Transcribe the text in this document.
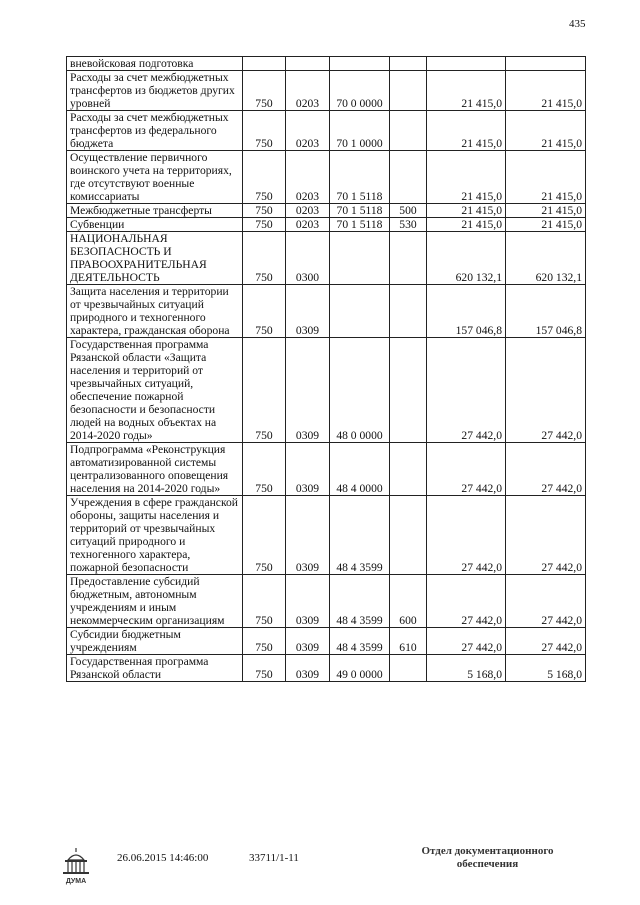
435
вневойсковая подготовка						
Расходы за счет межбюджетных трансфертов из бюджетов других уровней	750	0203	70 0 0000		21 415,0	21 415,0
Расходы за счет межбюджетных трансфертов из федерального бюджета	750	0203	70 1 0000		21 415,0	21 415,0
Осуществление первичного воинского учета на территориях, где отсутствуют военные комиссариаты	750	0203	70 1 5118		21 415,0	21 415,0
Межбюджетные трансферты	750	0203	70 1 5118	500	21 415,0	21 415,0
Субвенции	750	0203	70 1 5118	530	21 415,0	21 415,0
НАЦИОНАЛЬНАЯ БЕЗОПАСНОСТЬ И ПРАВООХРАНИТЕЛЬНАЯ ДЕЯТЕЛЬНОСТЬ	750	0300			620 132,1	620 132,1
Защита населения и территории от чрезвычайных ситуаций природного и техногенного характера, гражданская оборона	750	0309			157 046,8	157 046,8
Государственная программа Рязанской области «Защита населения и территорий от чрезвычайных ситуаций, обеспечение пожарной безопасности и безопасности людей на водных объектах на 2014-2020 годы»	750	0309	48 0 0000		27 442,0	27 442,0
Подпрограмма «Реконструкция автоматизированной системы централизованного оповещения населения на 2014-2020 годы»	750	0309	48 4 0000		27 442,0	27 442,0
Учреждения в сфере гражданской обороны, защиты населения и территорий от чрезвычайных ситуаций природного и техногенного характера, пожарной безопасности	750	0309	48 4 3599		27 442,0	27 442,0
Предоставление субсидий бюджетным, автономным учреждениям и иным некоммерческим организациям	750	0309	48 4 3599	600	27 442,0	27 442,0
Субсидии бюджетным учреждениям	750	0309	48 4 3599	610	27 442,0	27 442,0
Государственная программа Рязанской области	750	0309	49 0 0000		5 168,0	5 168,0
ДУМА
26.06.2015 14:46:00	33711/1-11
Отдел документационного
обеспечения
